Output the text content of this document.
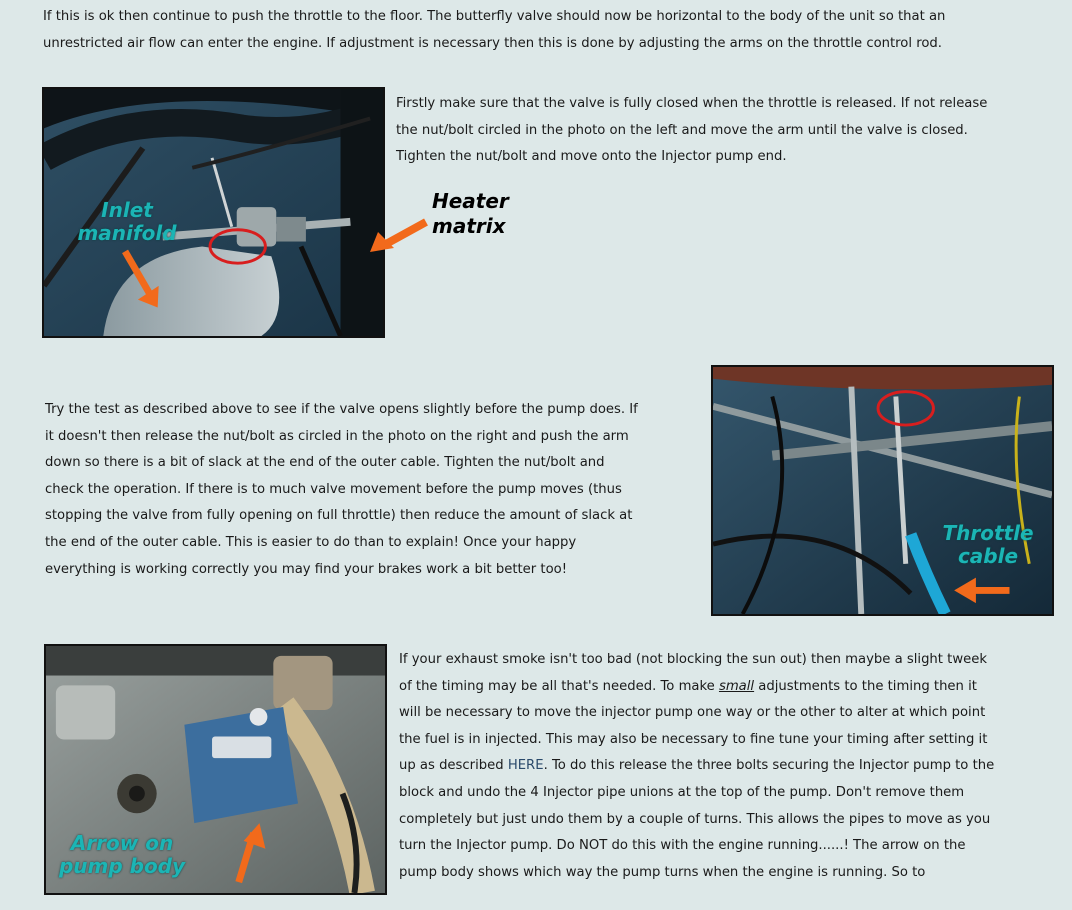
If this is ok then continue to push the throttle to the floor. The butterfly valve should now be horizontal to the body of the unit so that an
unrestricted air flow can enter the engine. If adjustment is necessary then this is done by adjusting the arms on the throttle control rod.
Inlet
manifold
Heater
matrix
Firstly make sure that the valve is fully closed when the throttle is released. If not release
the nut/bolt circled in the photo on the left and move the arm until the valve is closed.
Tighten the nut/bolt and move onto the Injector pump end.
Try the test as described above to see if the valve opens slightly before the pump does. If
it doesn't then release the nut/bolt as circled in the photo on the right and push the arm
down so there is a bit of slack at the end of the outer cable. Tighten the nut/bolt and
check the operation. If there is to much valve movement before the pump moves (thus
stopping the valve from fully opening on full throttle) then reduce the amount of slack at
the end of the outer cable. This is easier to do than to explain! Once your happy
everything is working correctly you may find your brakes work a bit better too!
Throttle
cable
Arrow on
pump body
If your exhaust smoke isn't too bad (not blocking the sun out) then maybe a slight tweek
of the timing may be all that's needed. To make small adjustments to the timing then it
will be necessary to move the injector pump one way or the other to alter at which point
the fuel is in injected. This may also be necessary to fine tune your timing after setting it
up as described HERE. To do this release the three bolts securing the Injector pump to the
block and undo the 4 Injector pipe unions at the top of the pump. Don't remove them
completely but just undo them by a couple of turns. This allows the pipes to move as you
turn the Injector pump. Do NOT do this with the engine running......! The arrow on the
pump body shows which way the pump turns when the engine is running. So to
